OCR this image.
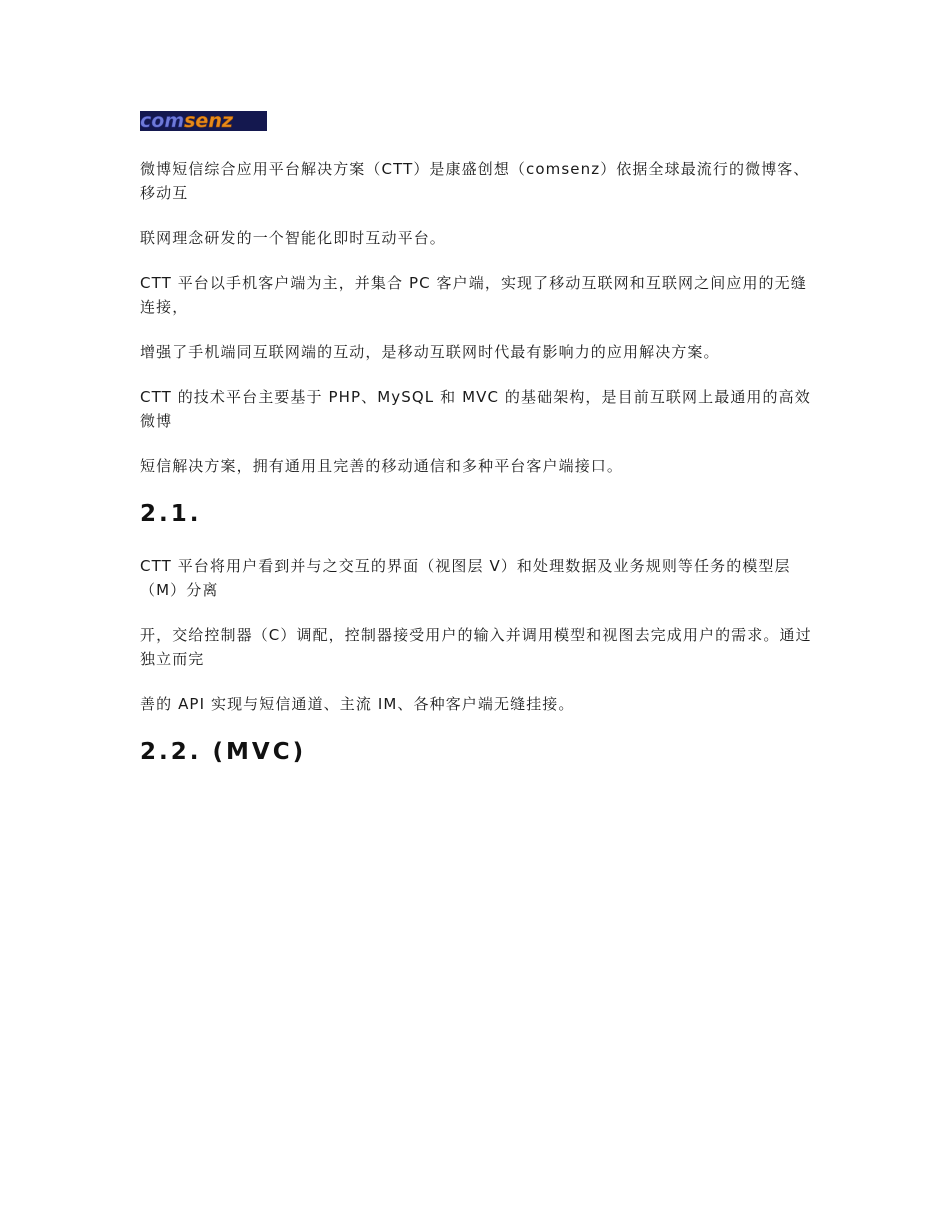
comsenz

微博短信综合应用平台解决方案（CTT）是康盛创想（comsenz）依据全球最流行的微博客、移动互

联网理念研发的一个智能化即时互动平台。

CTT 平台以手机客户端为主，并集合 PC 客户端，实现了移动互联网和互联网之间应用的无缝连接，

增强了手机端同互联网端的互动，是移动互联网时代最有影响力的应用解决方案。

CTT 的技术平台主要基于 PHP、MySQL 和 MVC 的基础架构，是目前互联网上最通用的高效微博

短信解决方案，拥有通用且完善的移动通信和多种平台客户端接口。

2.1.

CTT 平台将用户看到并与之交互的界面（视图层 V）和处理数据及业务规则等任务的模型层（M）分离

开，交给控制器（C）调配，控制器接受用户的输入并调用模型和视图去完成用户的需求。通过独立而完

善的 API 实现与短信通道、主流 IM、各种客户端无缝挂接。

2.2. (MVC)
